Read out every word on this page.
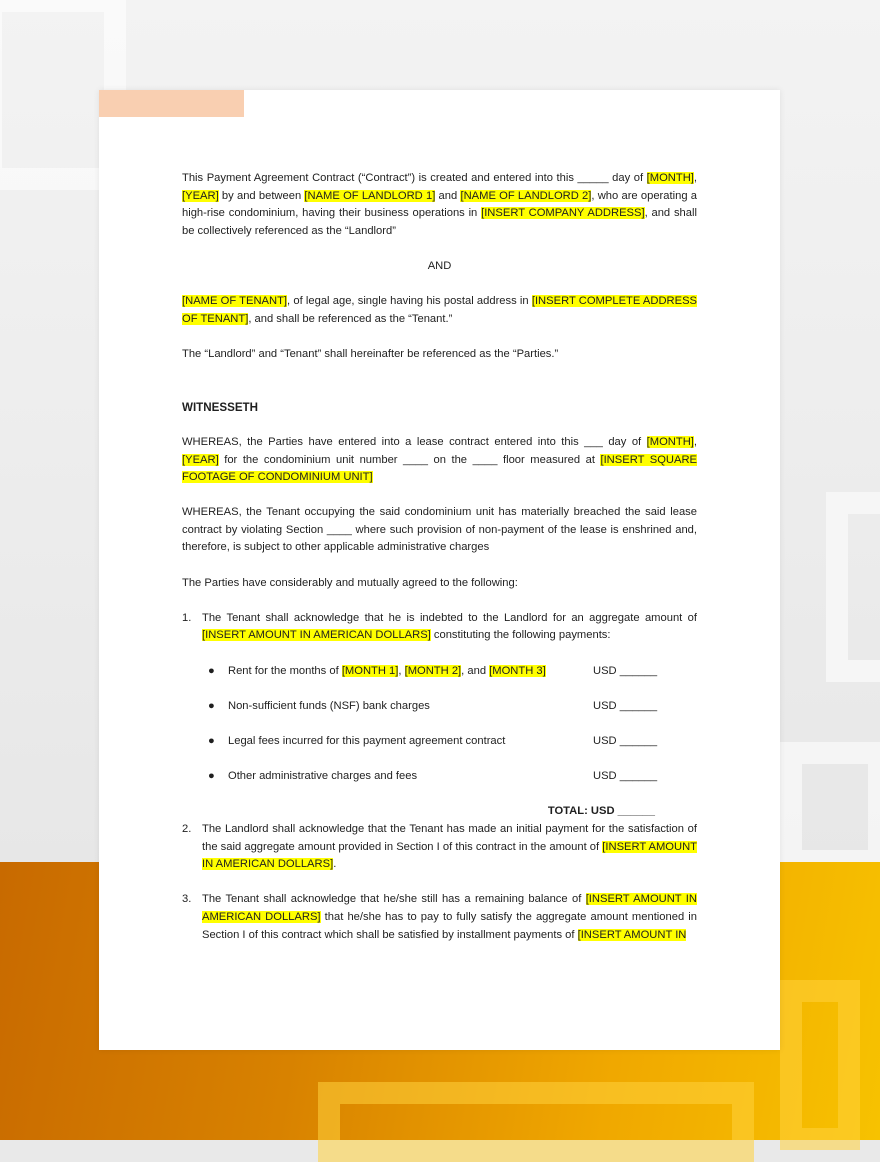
This Payment Agreement Contract (“Contract”) is created and entered into this _____ day of [MONTH], [YEAR] by and between [NAME OF LANDLORD 1] and [NAME OF LANDLORD 2], who are operating a high-rise condominium, having their business operations in [INSERT COMPANY ADDRESS], and shall be collectively referenced as the “Landlord”

AND

[NAME OF TENANT], of legal age, single having his postal address in [INSERT COMPLETE ADDRESS OF TENANT], and shall be referenced as the “Tenant.”

The “Landlord” and “Tenant” shall hereinafter be referenced as the “Parties.”

WITNESSETH

WHEREAS, the Parties have entered into a lease contract entered into this ___ day of [MONTH], [YEAR] for the condominium unit number ____ on the ____ floor measured at [INSERT SQUARE FOOTAGE OF CONDOMINIUM UNIT]

WHEREAS, the Tenant occupying the said condominium unit has materially breached the said lease contract by violating Section ____ where such provision of non-payment of the lease is enshrined and, therefore, is subject to other applicable administrative charges

The Parties have considerably and mutually agreed to the following:

1. The Tenant shall acknowledge that he is indebted to the Landlord for an aggregate amount of [INSERT AMOUNT IN AMERICAN DOLLARS] constituting the following payments:
● Rent for the months of [MONTH 1], [MONTH 2], and [MONTH 3]	USD ______
● Non-sufficient funds (NSF) bank charges	USD ______
● Legal fees incurred for this payment agreement contract	USD ______
● Other administrative charges and fees	USD ______

TOTAL: USD ______

2. The Landlord shall acknowledge that the Tenant has made an initial payment for the satisfaction of the said aggregate amount provided in Section I of this contract in the amount of [INSERT AMOUNT IN AMERICAN DOLLARS].
3. The Tenant shall acknowledge that he/she still has a remaining balance of [INSERT AMOUNT IN AMERICAN DOLLARS] that he/she has to pay to fully satisfy the aggregate amount mentioned in Section I of this contract which shall be satisfied by installment payments of [INSERT AMOUNT IN
